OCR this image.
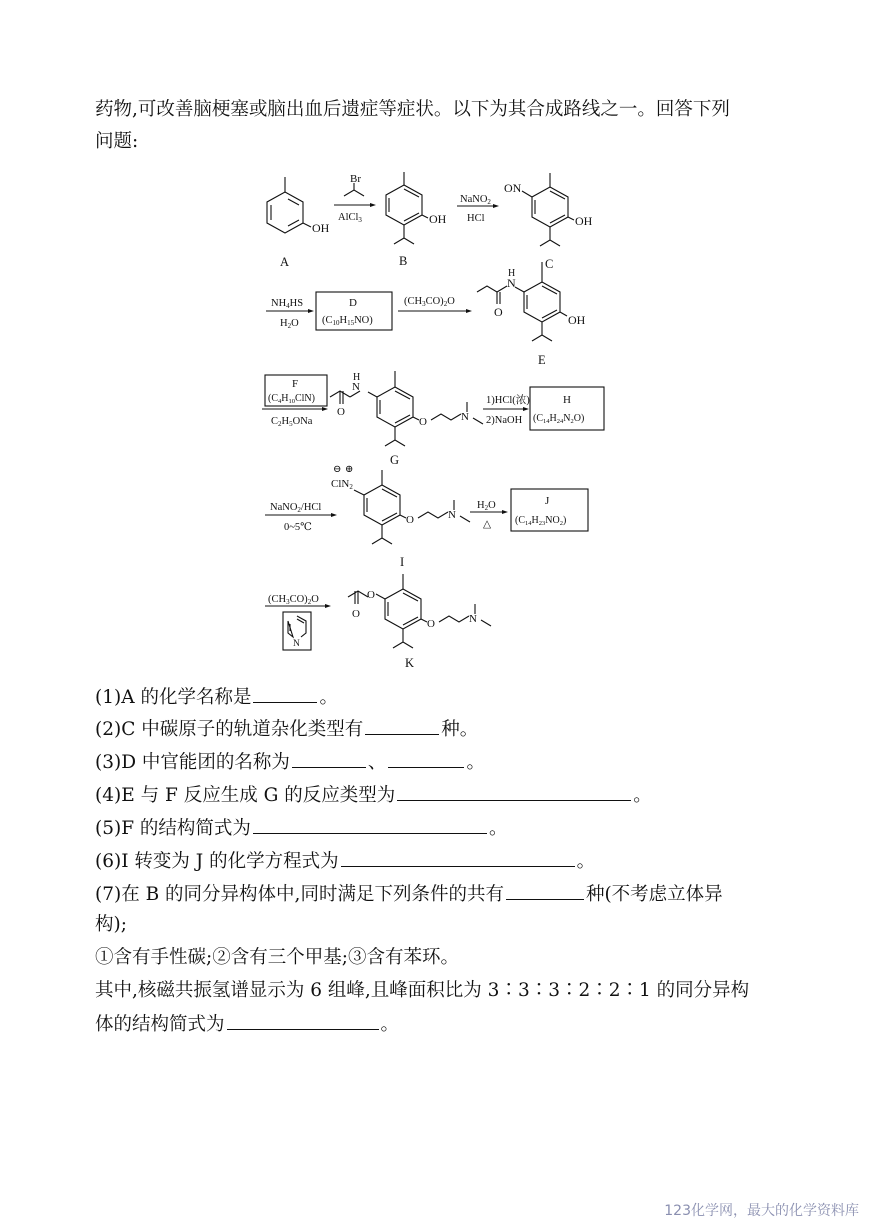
药物,可改善脑梗塞或脑出血后遗症等症状。以下为其合成路线之一。回答下列
问题:
OH
A
Br
AlCl3	OH
B
NaNO2
HCl
ON
OH
C
NH4HS
H2O
D
(C10H15NO)
(CH3CO)2O
N
H
O
OH
E
F
$(C_4H_{10}ClN)$
C2H5ONa
N
H
O
O	N
G
1)HCl(浓)
2)NaOH
H
$(C_{14}H_{24}N_2O)$
⊖ ⊕
ClN2
NaNO2/HCl
0~5℃
O	N
I
H2O
△
J
$(C_{14}H_{23}NO_2)$
(CH3CO)2O
N
O
O
O	N
K
(1)A 的化学名称是	。
(2)C 中碳原子的轨道杂化类型有	种。
(3)D 中官能团的名称为	、	。
(4)E 与 F 反应生成 G 的反应类型为	。
(5)F 的结构简式为	。
(6)I 转变为 J 的化学方程式为	。
(7)在 B 的同分异构体中,同时满足下列条件的共有	种(不考虑立体异
构);
①含有手性碳;②含有三个甲基;③含有苯环。
其中,核磁共振氢谱显示为 6 组峰,且峰面积比为 3∶3∶3∶2∶2∶1 的同分异构
体的结构简式为	。
123化学网，最大的化学资料库
